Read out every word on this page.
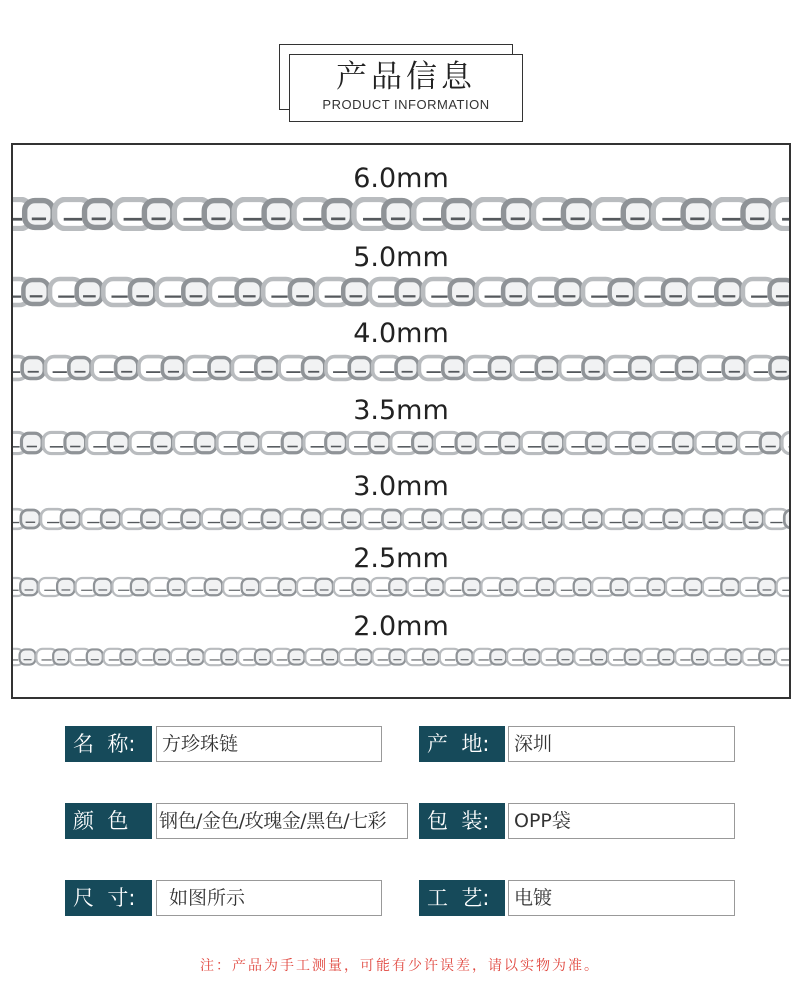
产品信息
PRODUCT INFORMATION
6.0mm
5.0mm
4.0mm
3.5mm
3.0mm
2.5mm
2.0mm
名  称:	方珍珠链	产  地:	深圳
颜  色	钢色/金色/玫瑰金/黑色/七彩	包  装:	OPP袋
尺  寸:	如图所示	工  艺:	电镀
注：产品为手工测量，可能有少许误差，请以实物为准。
